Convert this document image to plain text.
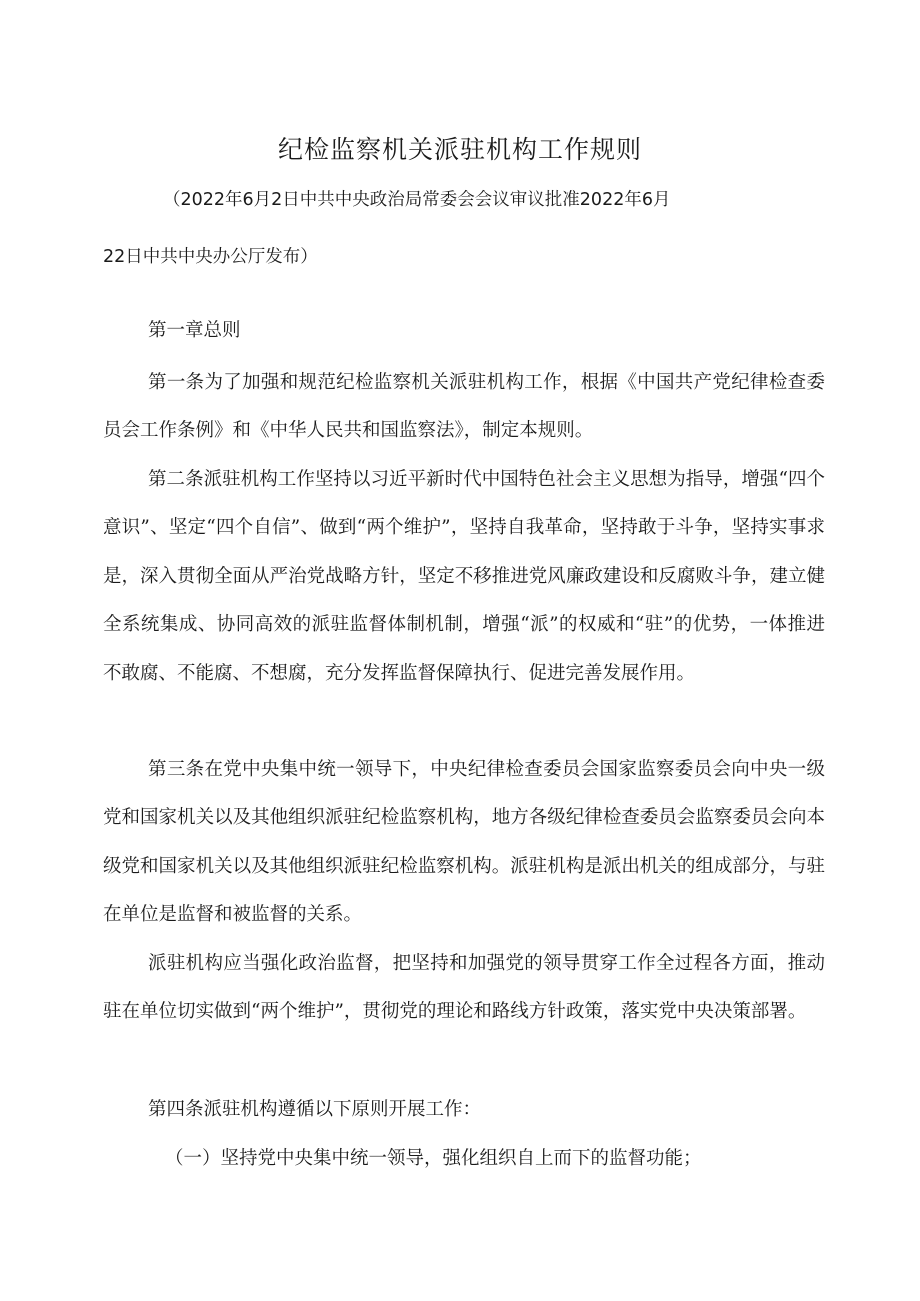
纪检监察机关派驻机构工作规则
（2022年6月2日中共中央政治局常委会会议审议批准2022年6月
22日中共中央办公厅发布）
第一章总则

第一条为了加强和规范纪检监察机关派驻机构工作，根据《中国共产党纪律检查委员会工作条例》和《中华人民共和国监察法》，制定本规则。

第二条派驻机构工作坚持以习近平新时代中国特色社会主义思想为指导，增强“四个意识”、坚定“四个自信”、做到“两个维护”，坚持自我革命，坚持敢于斗争，坚持实事求是，深入贯彻全面从严治党战略方针，坚定不移推进党风廉政建设和反腐败斗争，建立健全系统集成、协同高效的派驻监督体制机制，增强“派”的权威和“驻”的优势，一体推进不敢腐、不能腐、不想腐，充分发挥监督保障执行、促进完善发展作用。

第三条在党中央集中统一领导下，中央纪律检查委员会国家监察委员会向中央一级党和国家机关以及其他组织派驻纪检监察机构，地方各级纪律检查委员会监察委员会向本级党和国家机关以及其他组织派驻纪检监察机构。派驻机构是派出机关的组成部分，与驻在单位是监督和被监督的关系。

派驻机构应当强化政治监督，把坚持和加强党的领导贯穿工作全过程各方面，推动驻在单位切实做到“两个维护”，贯彻党的理论和路线方针政策，落实党中央决策部署。

第四条派驻机构遵循以下原则开展工作：

（一）坚持党中央集中统一领导，强化组织自上而下的监督功能；
